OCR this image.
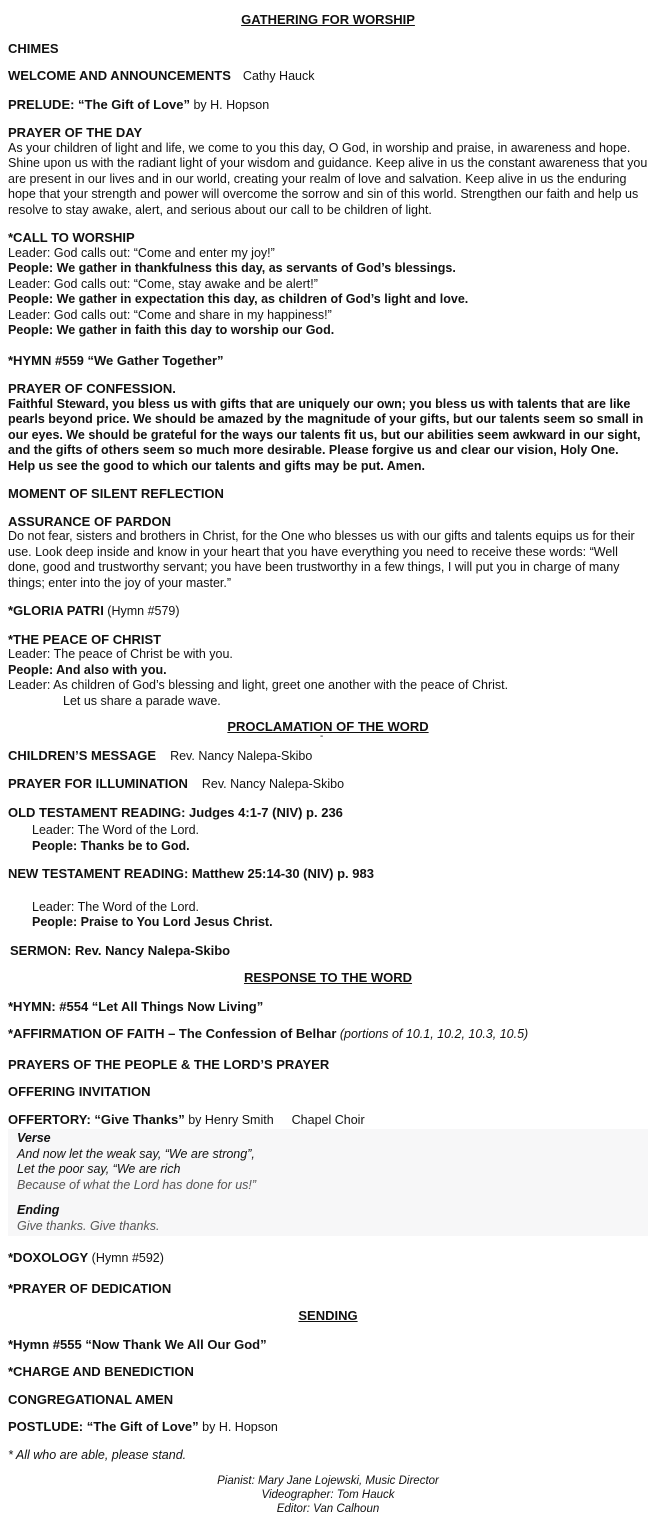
GATHERING FOR WORSHIP

CHIMES
WELCOME AND ANNOUNCEMENTS Cathy Hauck
PRELUDE: “The Gift of Love” by H. Hopson
PRAYER OF THE DAY
As your children of light and life, we come to you this day, O God, in worship and praise, in awareness and hope. Shine upon us with the radiant light of your wisdom and guidance. Keep alive in us the constant awareness that you are present in our lives and in our world, creating your realm of love and salvation. Keep alive in us the enduring hope that your strength and power will overcome the sorrow and sin of this world. Strengthen our faith and help us resolve to stay awake, alert, and serious about our call to be children of light.
*CALL TO WORSHIP
Leader: God calls out: “Come and enter my joy!”
People: We gather in thankfulness this day, as servants of God’s blessings.
Leader: God calls out: “Come, stay awake and be alert!”
People: We gather in expectation this day, as children of God’s light and love.
Leader: God calls out: “Come and share in my happiness!”
People: We gather in faith this day to worship our God.
*HYMN #559 “We Gather Together”
PRAYER OF CONFESSION.
Faithful Steward, you bless us with gifts that are uniquely our own; you bless us with talents that are like pearls beyond price. We should be amazed by the magnitude of your gifts, but our talents seem so small in our eyes. We should be grateful for the ways our talents fit us, but our abilities seem awkward in our sight, and the gifts of others seem so much more desirable. Please forgive us and clear our vision, Holy One. Help us see the good to which our talents and gifts may be put. Amen.
MOMENT OF SILENT REFLECTION
ASSURANCE OF PARDON
Do not fear, sisters and brothers in Christ, for the One who blesses us with our gifts and talents equips us for their use. Look deep inside and know in your heart that you have everything you need to receive these words: “Well done, good and trustworthy servant; you have been trustworthy in a few things, I will put you in charge of many things; enter into the joy of your master.”
*GLORIA PATRI (Hymn #579)
*THE PEACE OF CHRIST
Leader: The peace of Christ be with you.
People: And also with you.
Leader: As children of God’s blessing and light, greet one another with the peace of Christ.
Let us share a parade wave.

PROCLAMATION OF THE WORD

CHILDREN’S MESSAGE Rev. Nancy Nalepa-Skibo
PRAYER FOR ILLUMINATION Rev. Nancy Nalepa-Skibo
OLD TESTAMENT READING: Judges 4:1-7 (NIV) p. 236
Leader: The Word of the Lord.
People: Thanks be to God.
NEW TESTAMENT READING: Matthew 25:14-30 (NIV) p. 983
Leader: The Word of the Lord.
People: Praise to You Lord Jesus Christ.
SERMON: Rev. Nancy Nalepa-Skibo

RESPONSE TO THE WORD

*HYMN: #554 “Let All Things Now Living”
*AFFIRMATION OF FAITH – The Confession of Belhar (portions of 10.1, 10.2, 10.3, 10.5)
PRAYERS OF THE PEOPLE & THE LORD’S PRAYER
OFFERING INVITATION
OFFERTORY: “Give Thanks” by Henry Smith Chapel Choir
Verse
And now let the weak say, “We are strong”,
Let the poor say, “We are rich
Because of what the Lord has done for us!”
Ending
Give thanks. Give thanks.
*DOXOLOGY (Hymn #592)
*PRAYER OF DEDICATION

SENDING

*Hymn #555 “Now Thank We All Our God”
*CHARGE AND BENEDICTION
CONGREGATIONAL AMEN
POSTLUDE: “The Gift of Love” by H. Hopson
* All who are able, please stand.
Pianist: Mary Jane Lojewski, Music Director
Videographer: Tom Hauck
Editor: Van Calhoun
-
